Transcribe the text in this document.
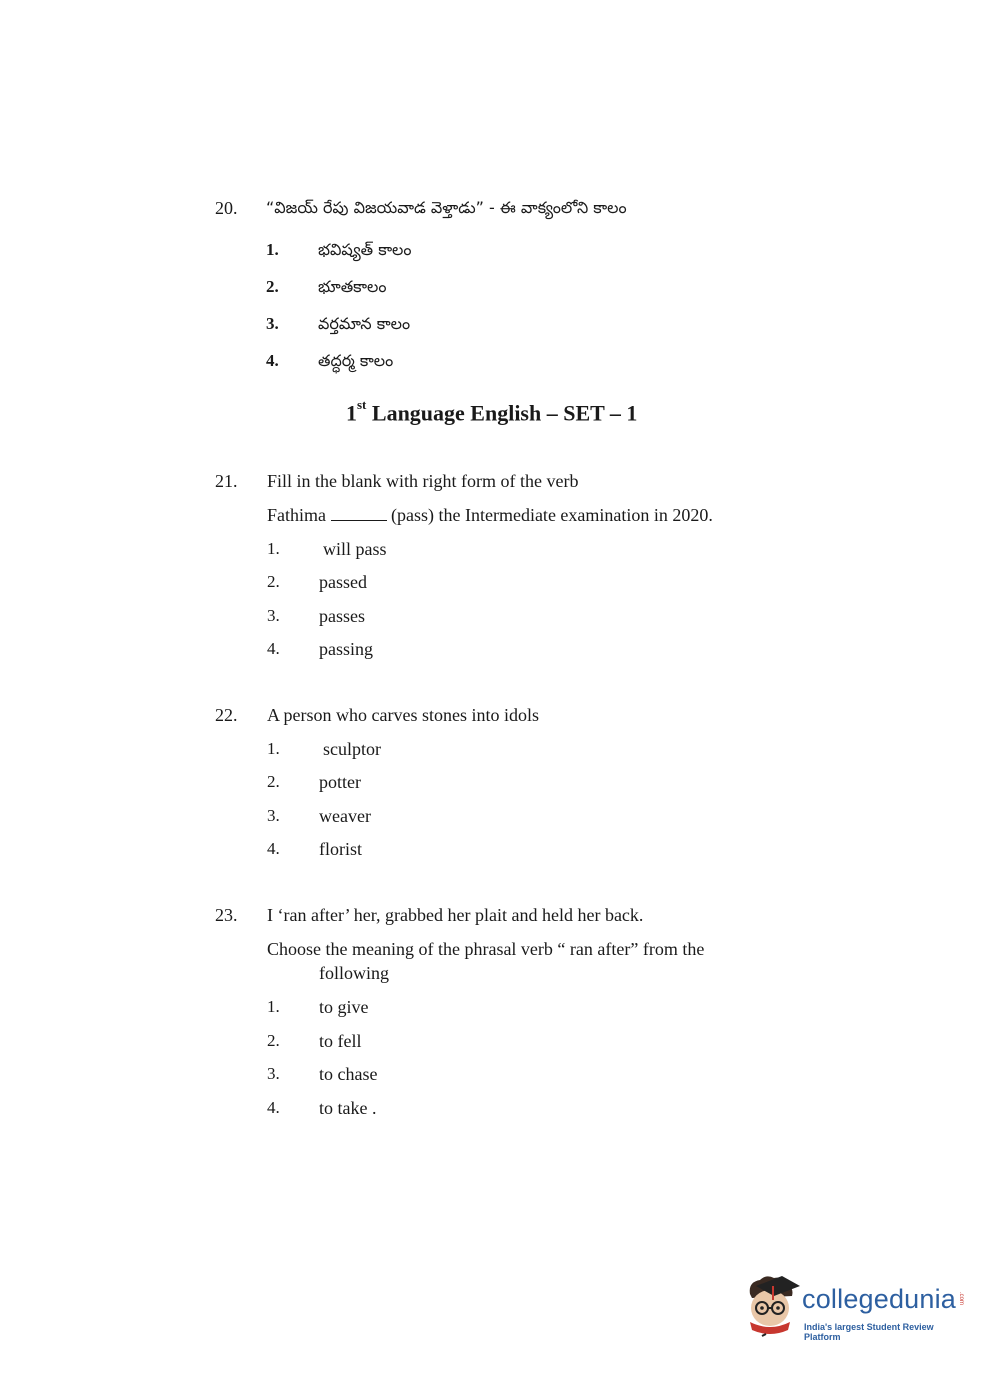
20. “విజయ్ రేపు విజయవాడ వెళ్తాడు” - ఈ వాక్యంలోని కాలం
1. భవిష్యత్ కాలం
2. భూతకాలం
3. వర్తమాన కాలం
4. తద్ధర్మ కాలం
1st Language English – SET – 1
21. Fill in the blank with right form of the verb
Fathima	(pass) the Intermediate examination in 2020.
1. will pass
2. passed
3. passes
4. passing
22. A person who carves stones into idols
1. sculptor
2. potter
3. weaver
4. florist
23. I ‘ran after’ her, grabbed her plait and held her back.
Choose the meaning of the phrasal verb “ ran after” from the
following
1. to give
2. to fell
3. to chase
4. to take .
collegedunia .com
India's largest Student Review Platform
